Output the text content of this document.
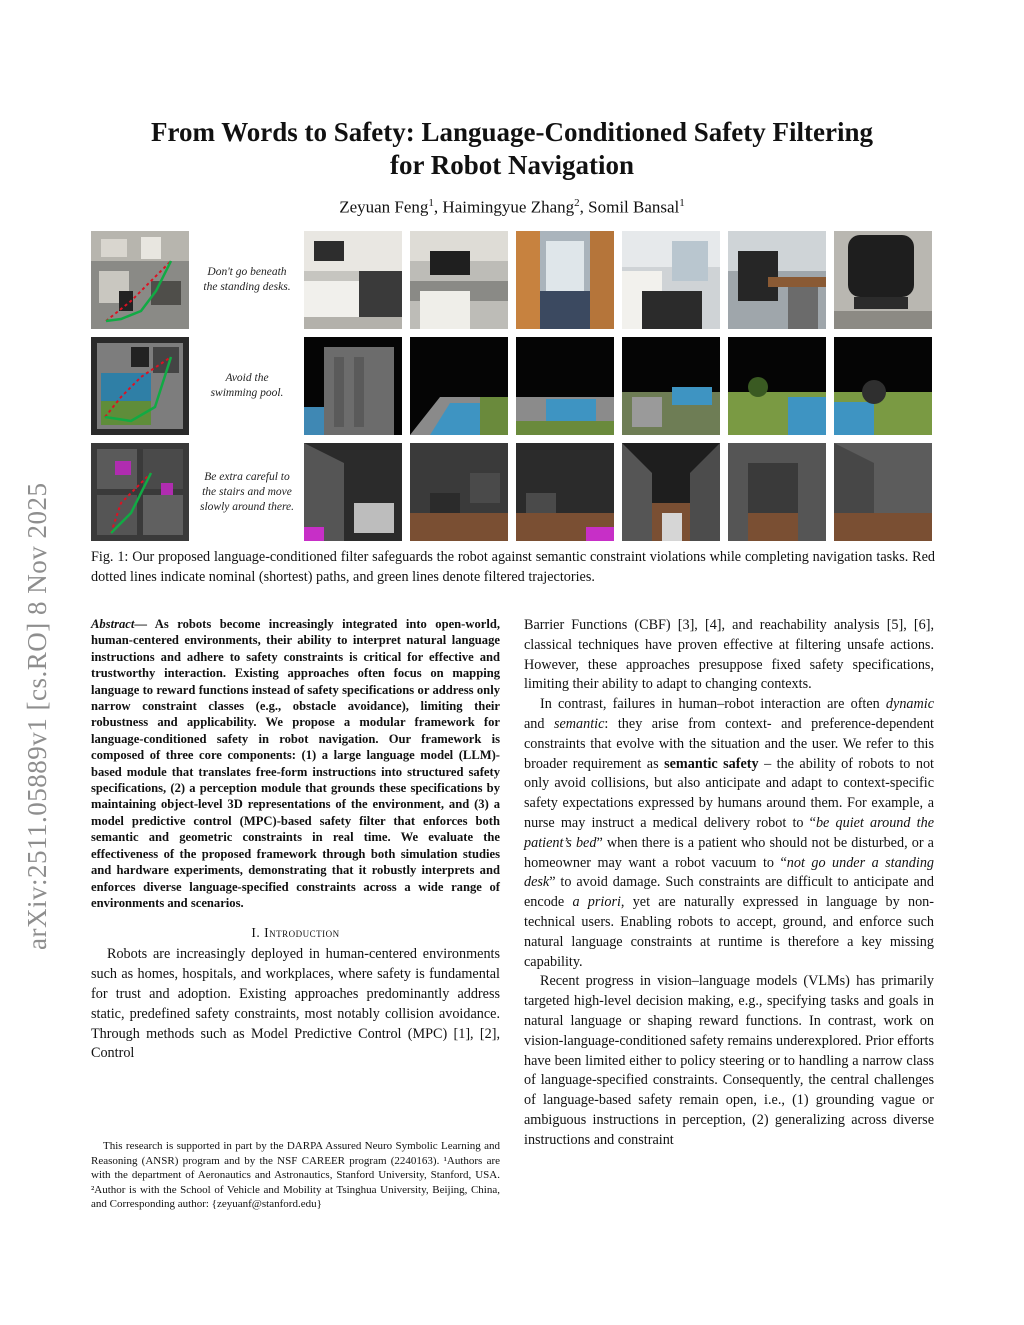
arXiv:2511.05889v1 [cs.RO] 8 Nov 2025
From Words to Safety: Language-Conditioned Safety Filtering
for Robot Navigation
Zeyuan Feng$^1$, Haimingyue Zhang$^2$, Somil Bansal$^1$
Don't go beneath
the standing desks.
Avoid the
swimming pool.
Be extra careful to
the stairs and move
slowly around there.
Fig. 1: Our proposed language-conditioned filter safeguards the robot against semantic constraint violations while completing navigation tasks. Red dotted lines indicate nominal (shortest) paths, and green lines denote filtered trajectories.
Abstract— As robots become increasingly integrated into open-world, human-centered environments, their ability to interpret natural language instructions and adhere to safety constraints is critical for effective and trustworthy interaction. Existing approaches often focus on mapping language to reward functions instead of safety specifications or address only narrow constraint classes (e.g., obstacle avoidance), limiting their robustness and applicability. We propose a modular framework for language-conditioned safety in robot navigation. Our framework is composed of three core components: (1) a large language model (LLM)-based module that translates free-form instructions into structured safety specifications, (2) a perception module that grounds these specifications by maintaining object-level 3D representations of the environment, and (3) a model predictive control (MPC)-based safety filter that enforces both semantic and geometric constraints in real time. We evaluate the effectiveness of the proposed framework through both simulation studies and hardware experiments, demonstrating that it robustly interprets and enforces diverse language-specified constraints across a wide range of environments and scenarios.
I. Introduction

Robots are increasingly deployed in human-centered environments such as homes, hospitals, and workplaces, where safety is fundamental for trust and adoption. Existing approaches predominantly address static, predefined safety constraints, most notably collision avoidance. Through methods such as Model Predictive Control (MPC) [1], [2], Control

This research is supported in part by the DARPA Assured Neuro Symbolic Learning and Reasoning (ANSR) program and by the NSF CAREER program (2240163). ¹Authors are with the department of Aeronautics and Astronautics, Stanford University, Stanford, USA. ²Author is with the School of Vehicle and Mobility at Tsinghua University, Beijing, China, and Corresponding author: {zeyuanf@stanford.edu}

Barrier Functions (CBF) [3], [4], and reachability analysis [5], [6], classical techniques have proven effective at filtering unsafe actions. However, these approaches presuppose fixed safety specifications, limiting their ability to adapt to changing contexts.

In contrast, failures in human–robot interaction are often dynamic and semantic: they arise from context- and preference-dependent constraints that evolve with the situation and the user. We refer to this broader requirement as semantic safety – the ability of robots to not only avoid collisions, but also anticipate and adapt to context-specific safety expectations expressed by humans around them. For example, a nurse may instruct a medical delivery robot to “be quiet around the patient’s bed” when there is a patient who should not be disturbed, or a homeowner may want a robot vacuum to “not go under a standing desk” to avoid damage. Such constraints are difficult to anticipate and encode a priori, yet are naturally expressed in language by non-technical users. Enabling robots to accept, ground, and enforce such natural language constraints at runtime is therefore a key missing capability.

Recent progress in vision–language models (VLMs) has primarily targeted high-level decision making, e.g., specifying tasks and goals in natural language or shaping reward functions. In contrast, work on vision-language-conditioned safety remains underexplored. Prior efforts have been limited either to policy steering or to handling a narrow class of language-specified constraints. Consequently, the central challenges of language-based safety remain open, i.e., (1) grounding vague or ambiguous instructions in perception, (2) generalizing across diverse instructions and constraint
